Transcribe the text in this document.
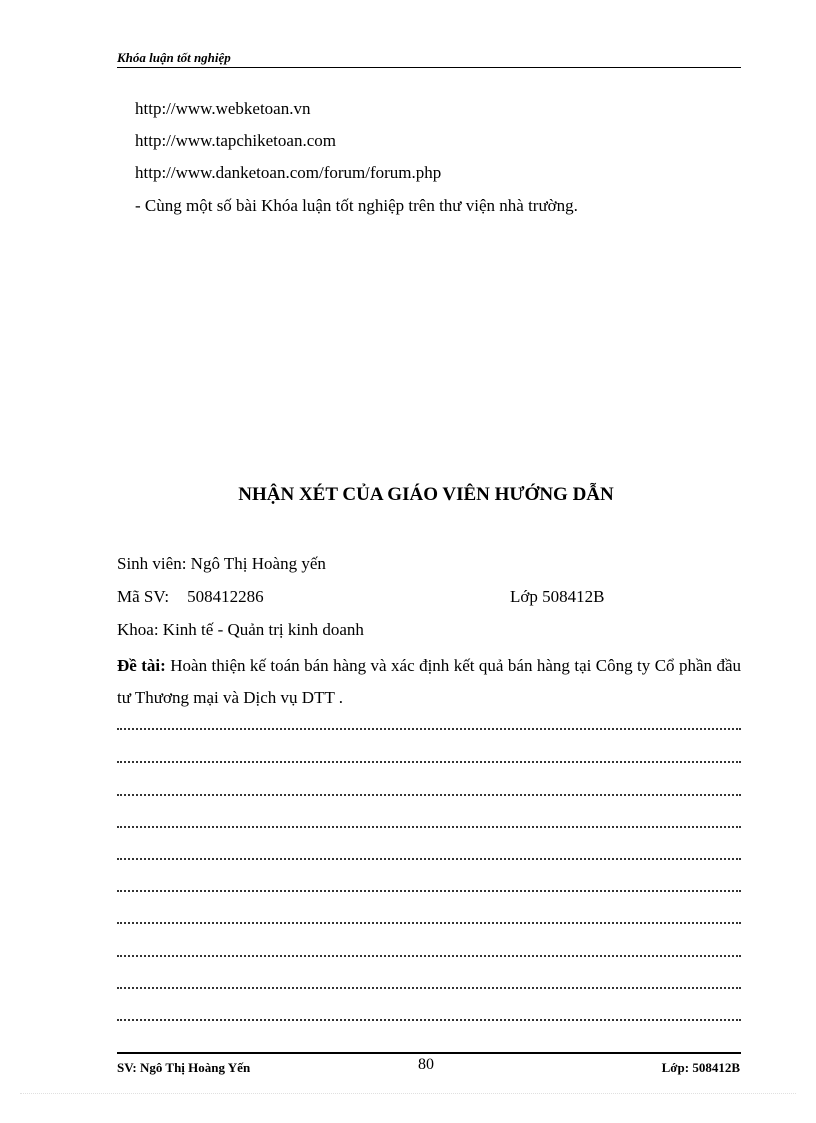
Khóa luận tốt nghiệp
http://www.webketoan.vn
http://www.tapchiketoan.com
http://www.danketoan.com/forum/forum.php
- Cùng một số bài Khóa luận tốt nghiệp trên thư viện nhà trường.
NHẬN XÉT CỦA GIÁO VIÊN HƯỚNG DẪN
Sinh viên: Ngô Thị Hoàng yến
Mã SV: 508412286	Lớp 508412B
Khoa: Kinh tế - Quản trị kinh doanh
Đề tài: Hoàn thiện kế toán bán hàng và xác định kết quả bán hàng tại Công ty Cổ phần đầu tư Thương mại và Dịch vụ DTT .
SV: Ngô Thị Hoàng Yến	80	Lớp: 508412B
